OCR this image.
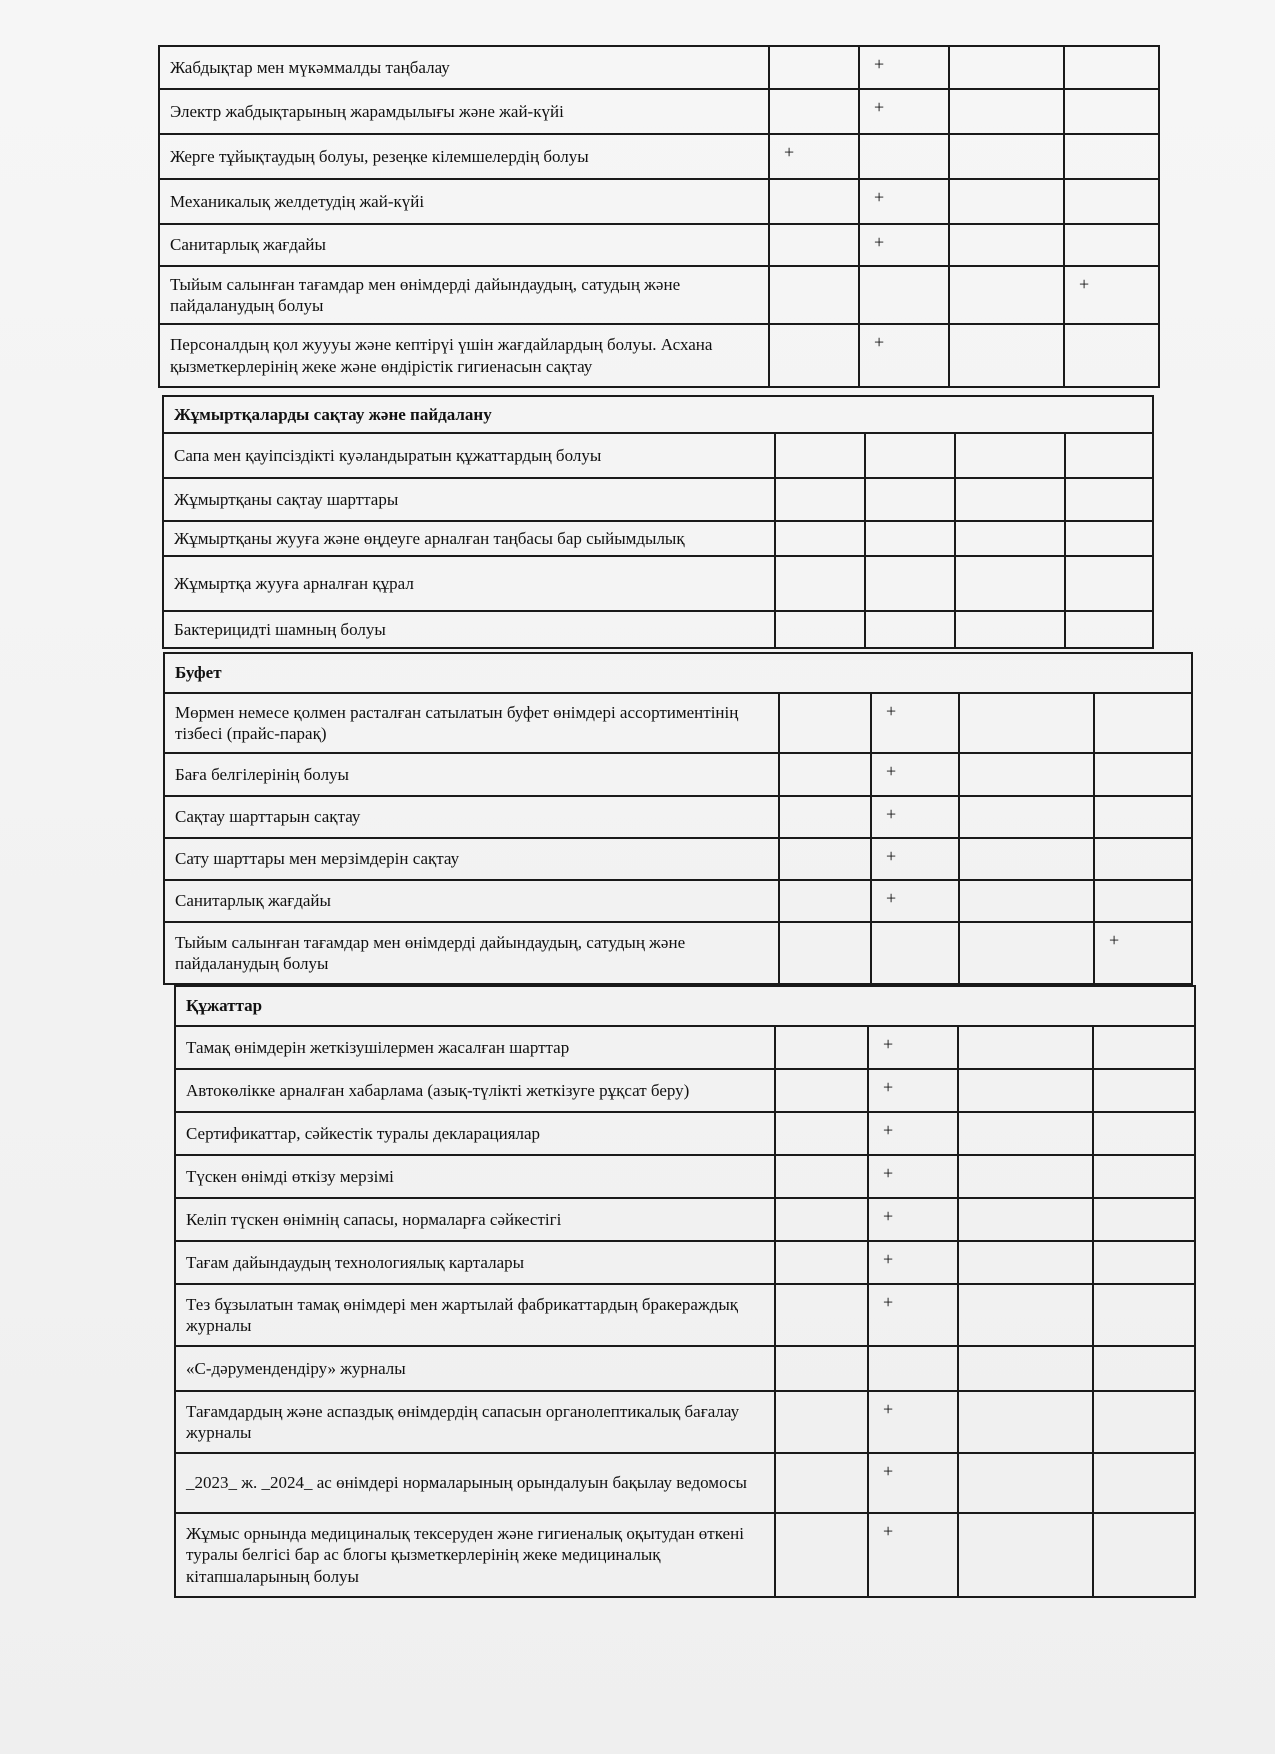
Жабдықтар мен мүкәммалды таңбалау		+		
Электр жабдықтарының жарамдылығы және жай-күйі		+		
Жерге тұйықтаудың болуы, резеңке кілемшелердің болуы	+			
Механикалық желдетудің жай-күйі		+		
Санитарлық жағдайы		+		
Тыйым салынған тағамдар мен өнімдерді дайындаудың, сатудың және пайдаланудың болуы				+
Персоналдың қол жуууы және кептірүі үшін жағдайлардың болуы. Асхана қызметкерлерінің жеке және өндірістік гигиенасын сақтау		+		
Жұмыртқаларды сақтау және пайдалану				
Сапа мен қауіпсіздікті куәландыратын құжаттардың болуы				
Жұмыртқаны сақтау шарттары				
Жұмыртқаны жууға және өңдеуге арналған таңбасы бар сыйымдылық				
Жұмыртқа жууға арналған құрал				
Бактерицидті шамның болуы				
Буфет				
Мөрмен немесе қолмен расталған сатылатын буфет өнімдері ассортиментінің тізбесі (прайс-парақ)		+		
Баға белгілерінің болуы		+		
Сақтау шарттарын сақтау		+		
Сату шарттары мен мерзімдерін сақтау		+		
Санитарлық жағдайы		+		
Тыйым салынған тағамдар мен өнімдерді дайындаудың, сатудың және пайдаланудың болуы				+
Құжаттар				
Тамақ өнімдерін жеткізушілермен жасалған шарттар		+		
Автокөлікке арналған хабарлама (азық-түлікті жеткізуге рұқсат беру)		+		
Сертификаттар, сәйкестік туралы декларациялар		+		
Түскен өнімді өткізу мерзімі		+		
Келіп түскен өнімнің сапасы, нормаларға сәйкестігі		+		
Тағам дайындаудың технологиялық карталары		+		
Тез бұзылатын тамақ өнімдері мен жартылай фабрикаттардың бракераждық журналы		+		
«С-дәрумендендіру» журналы				
Тағамдардың және аспаздық өнімдердің сапасын органолептикалық бағалау журналы		+		
_2023_ ж. _2024_ ас өнімдері нормаларының орындалуын бақылау ведомосы		+		
Жұмыс орнында медициналық тексеруден және гигиеналық оқытудан өткені туралы белгісі бар ас блогы қызметкерлерінің жеке медициналық кітапшаларының болуы		+		
